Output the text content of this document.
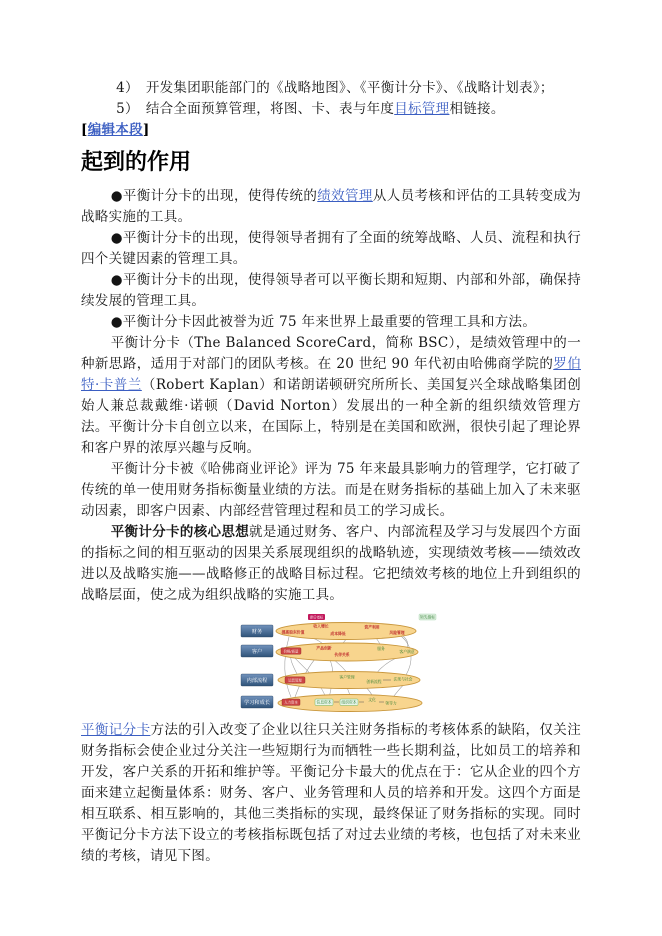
4）　开发集团职能部门的《战略地图》、《平衡计分卡》、《战略计划表》；

5）　结合全面预算管理，将图、卡、表与年度目标管理相链接。

[编辑本段]

起到的作用

●平衡计分卡的出现，使得传统的绩效管理从人员考核和评估的工具转变成为战略实施的工具。

●平衡计分卡的出现，使得领导者拥有了全面的统筹战略、人员、流程和执行四个关键因素的管理工具。

●平衡计分卡的出现，使得领导者可以平衡长期和短期、内部和外部，确保持续发展的管理工具。

●平衡计分卡因此被誉为近 75 年来世界上最重要的管理工具和方法。

平衡计分卡（The Balanced ScoreCard，简称 BSC），是绩效管理中的一种新思路，适用于对部门的团队考核。在 20 世纪 90 年代初由哈佛商学院的罗伯特·卡普兰（Robert Kaplan）和诺朗诺顿研究所所长、美国复兴全球战略集团创始人兼总裁戴维·诺顿（David Norton）发展出的一种全新的组织绩效管理方法。平衡计分卡自创立以来，在国际上，特别是在美国和欧洲，很快引起了理论界和客户界的浓厚兴趣与反响。

平衡计分卡被《哈佛商业评论》评为 75 年来最具影响力的管理学，它打破了传统的单一使用财务指标衡量业绩的方法。而是在财务指标的基础上加入了未来驱动因素，即客户因素、内部经营管理过程和员工的学习成长。

平衡计分卡的核心思想就是通过财务、客户、内部流程及学习与发展四个方面的指标之间的相互驱动的因果关系展现组织的战略轨迹，实现绩效考核——绩效改进以及战略实施——战略修正的战略目标过程。它把绩效考核的地位上升到组织的战略层面，使之成为组织战略的实施工具。

滞后指标	领先指标
财务
客户
内部流程
学习和成长
提高股东价值
收入增长
成本降低
资产利用
风险管理
价格/质量
产品创新
伙伴关系
服务
客户满意
运营管理
客户管理
创新流程	法规与社会
人力资本	信息资本	组织资本	文化
领导力

平衡记分卡方法的引入改变了企业以往只关注财务指标的考核体系的缺陷，仅关注财务指标会使企业过分关注一些短期行为而牺牲一些长期利益，比如员工的培养和开发，客户关系的开拓和维护等。平衡记分卡最大的优点在于：它从企业的四个方面来建立起衡量体系：财务、客户、业务管理和人员的培养和开发。这四个方面是相互联系、相互影响的，其他三类指标的实现，最终保证了财务指标的实现。同时平衡记分卡方法下设立的考核指标既包括了对过去业绩的考核，也包括了对未来业绩的考核，请见下图。
